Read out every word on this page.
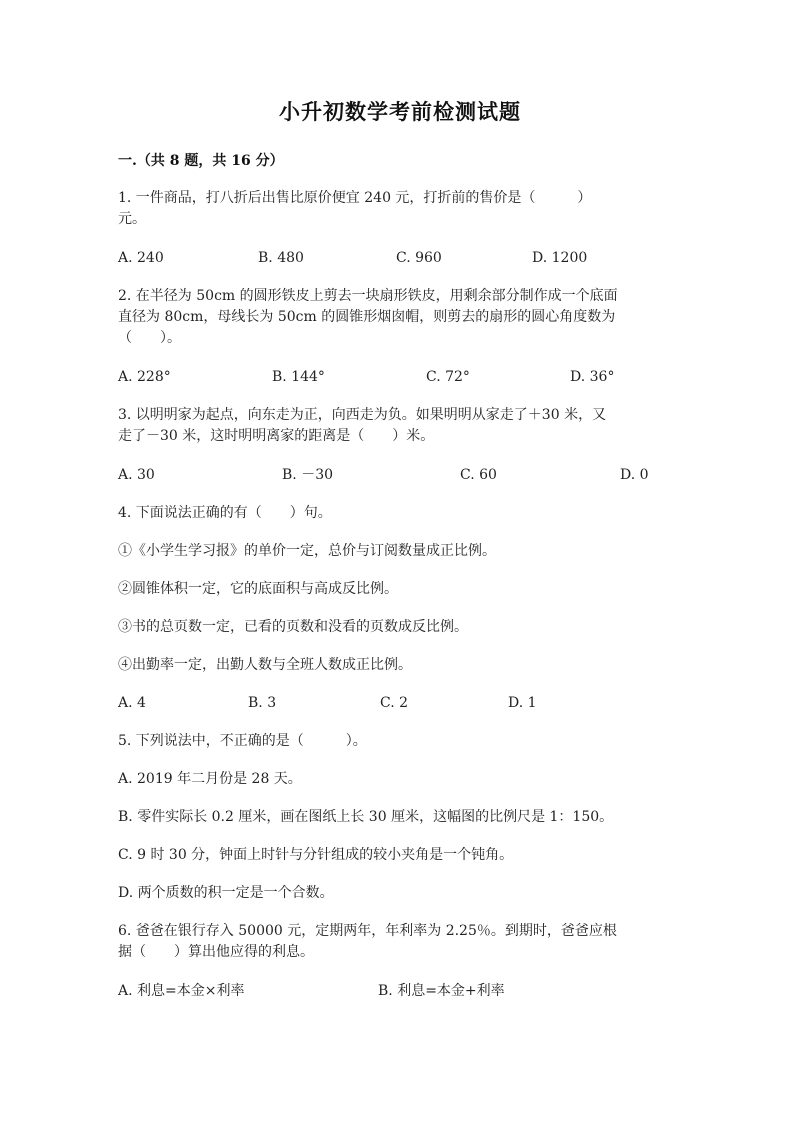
小升初数学考前检测试题
一.（共 8 题，共 16 分）
1. 一件商品，打八折后出售比原价便宜 240 元，打折前的售价是（　　　）
元。
A. 240	B. 480	C. 960	D. 1200
2. 在半径为 50cm 的圆形铁皮上剪去一块扇形铁皮，用剩余部分制作成一个底面
直径为 80cm，母线长为 50cm 的圆锥形烟囱帽，则剪去的扇形的圆心角度数为
（　　）。
A. 228°	B. 144°	C. 72°	D. 36°
3. 以明明家为起点，向东走为正，向西走为负。如果明明从家走了＋30 米，又
走了－30 米，这时明明离家的距离是（　　）米。
A. 30	B. －30	C. 60	D. 0
4. 下面说法正确的有（　　）句。
①《小学生学习报》的单价一定，总价与订阅数量成正比例。
②圆锥体积一定，它的底面积与高成反比例。
③书的总页数一定，已看的页数和没看的页数成反比例。
④出勤率一定，出勤人数与全班人数成正比例。
A. 4	B. 3	C. 2	D. 1
5. 下列说法中，不正确的是（　　　）。
A. 2019 年二月份是 28 天。
B. 零件实际长 0.2 厘米，画在图纸上长 30 厘米，这幅图的比例尺是 1：150。
C. 9 时 30 分，钟面上时针与分针组成的较小夹角是一个钝角。
D. 两个质数的积一定是一个合数。
6. 爸爸在银行存入 50000 元，定期两年，年利率为 2.25％。到期时，爸爸应根
据（　　）算出他应得的利息。
A. 利息=本金×利率	B. 利息=本金+利率
